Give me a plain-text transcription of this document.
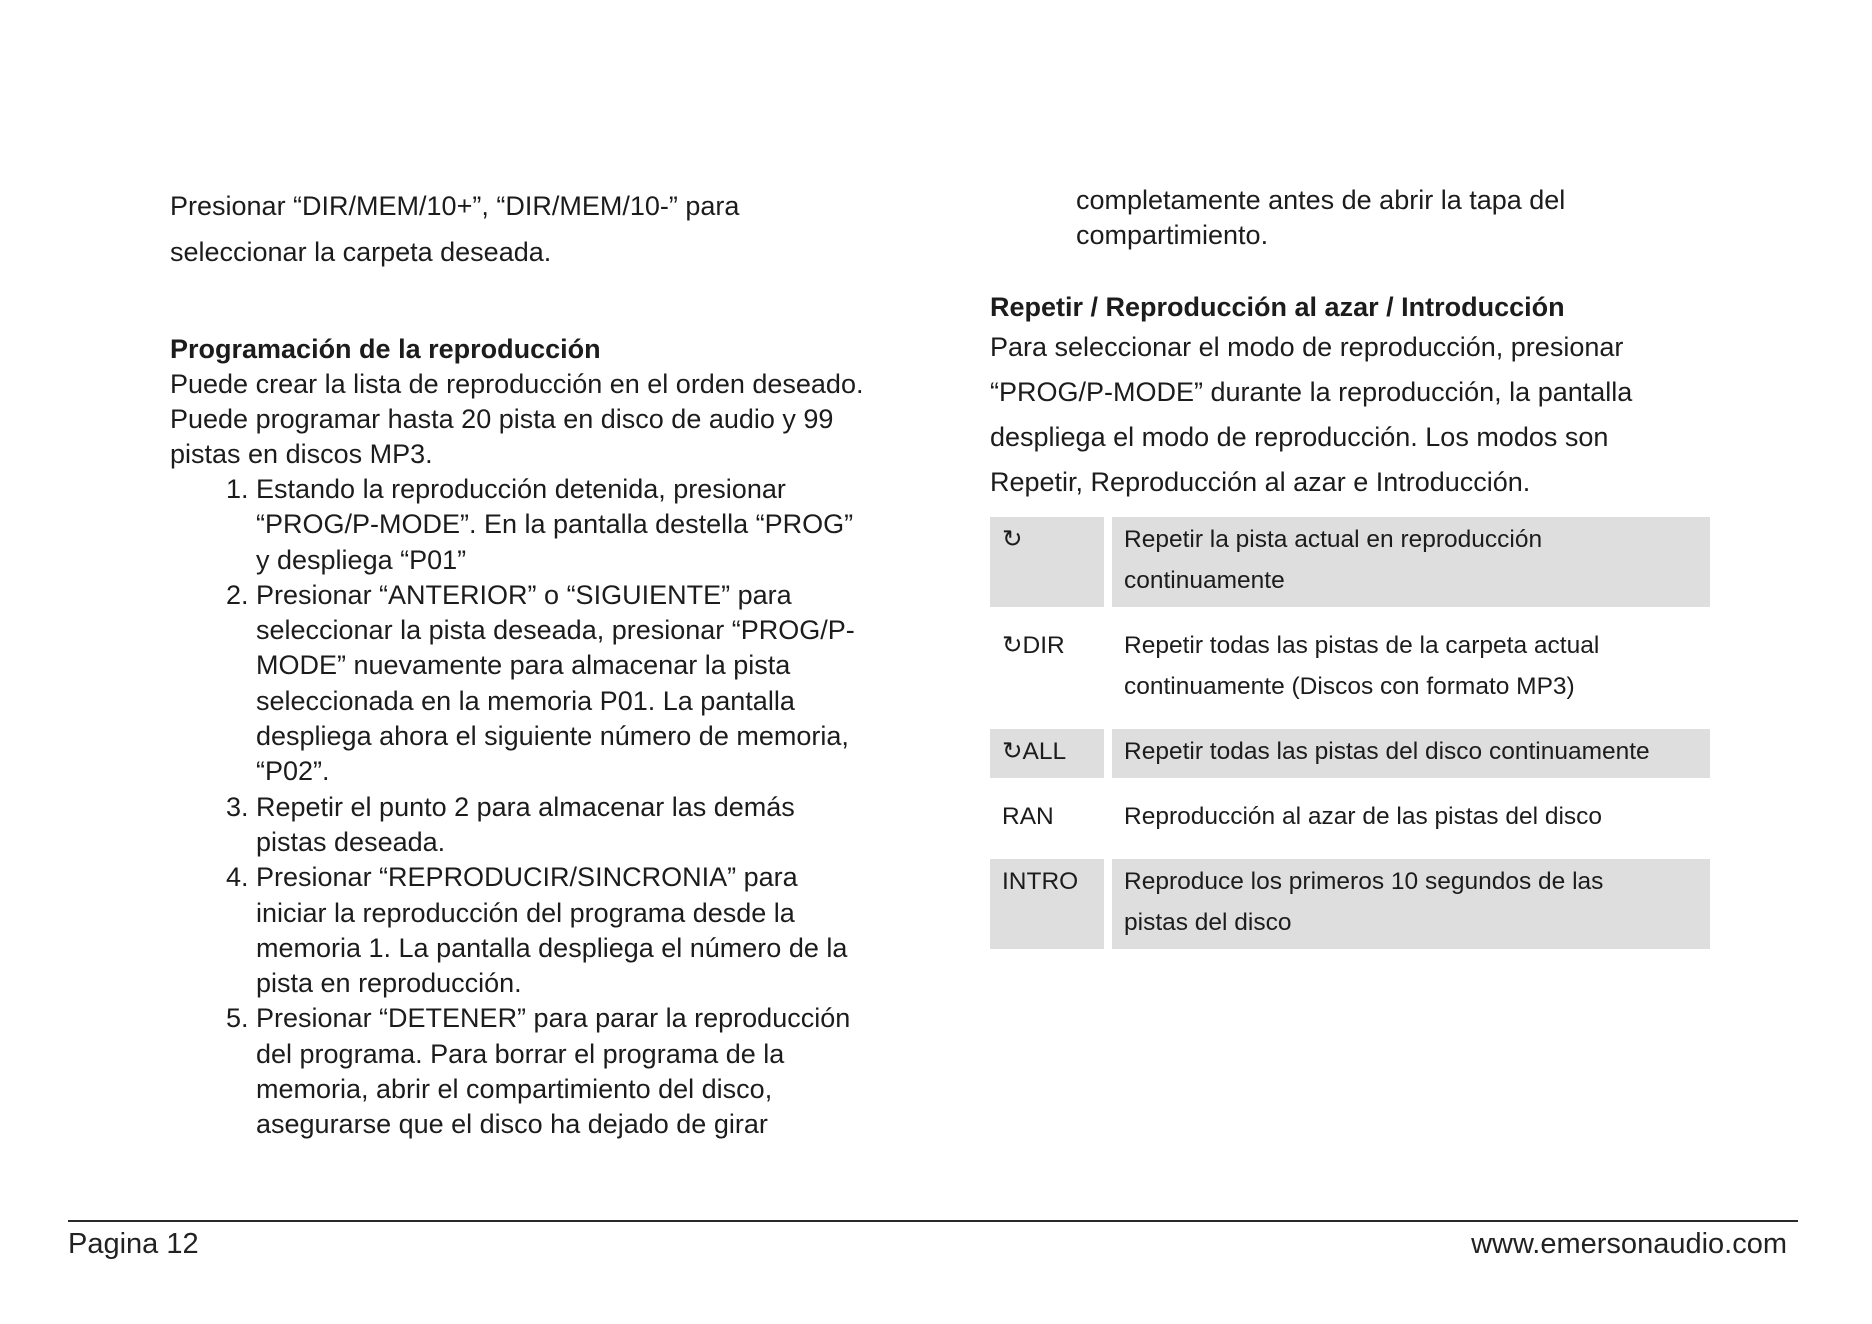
Presionar “DIR/MEM/10+”, “DIR/MEM/10-” para

seleccionar la carpeta deseada.

Programación de la reproducción

Puede crear la lista de reproducción en el orden deseado.

Puede programar hasta 20 pista en disco de audio y 99

pistas en discos MP3.

1. Estando la reproducción detenida, presionar
“PROG/P-MODE”. En la pantalla destella “PROG”
y despliega “P01”
2. Presionar “ANTERIOR” o “SIGUIENTE” para
seleccionar la pista deseada, presionar “PROG/P-
MODE” nuevamente para almacenar la pista
seleccionada en la memoria P01. La pantalla
despliega ahora el siguiente número de memoria,
“P02”.
3. Repetir el punto 2 para almacenar las demás
pistas deseada.
4. Presionar “REPRODUCIR/SINCRONIA” para
iniciar la reproducción del programa desde la
memoria 1. La pantalla despliega el número de la
pista en reproducción.
5. Presionar “DETENER” para parar la reproducción
del programa. Para borrar el programa de la
memoria, abrir el compartimiento del disco,
asegurarse que el disco ha dejado de girar

completamente antes de abrir la tapa del

compartimiento.

Repetir / Reproducción al azar / Introducción

Para seleccionar el modo de reproducción, presionar

“PROG/P-MODE” durante la reproducción, la pantalla

despliega el modo de reproducción. Los modos son

Repetir, Reproducción al azar e Introducción.

↻	Repetir la pista actual en reproducción
continuamente

↻DIR	Repetir todas las pistas de la carpeta actual
continuamente (Discos con formato MP3)

↻ALL	Repetir todas las pistas del disco continuamente

RAN	Reproducción al azar de las pistas del disco

INTRO	Reproduce los primeros 10 segundos de las
pistas del disco
Pagina 12	www.emersonaudio.com
